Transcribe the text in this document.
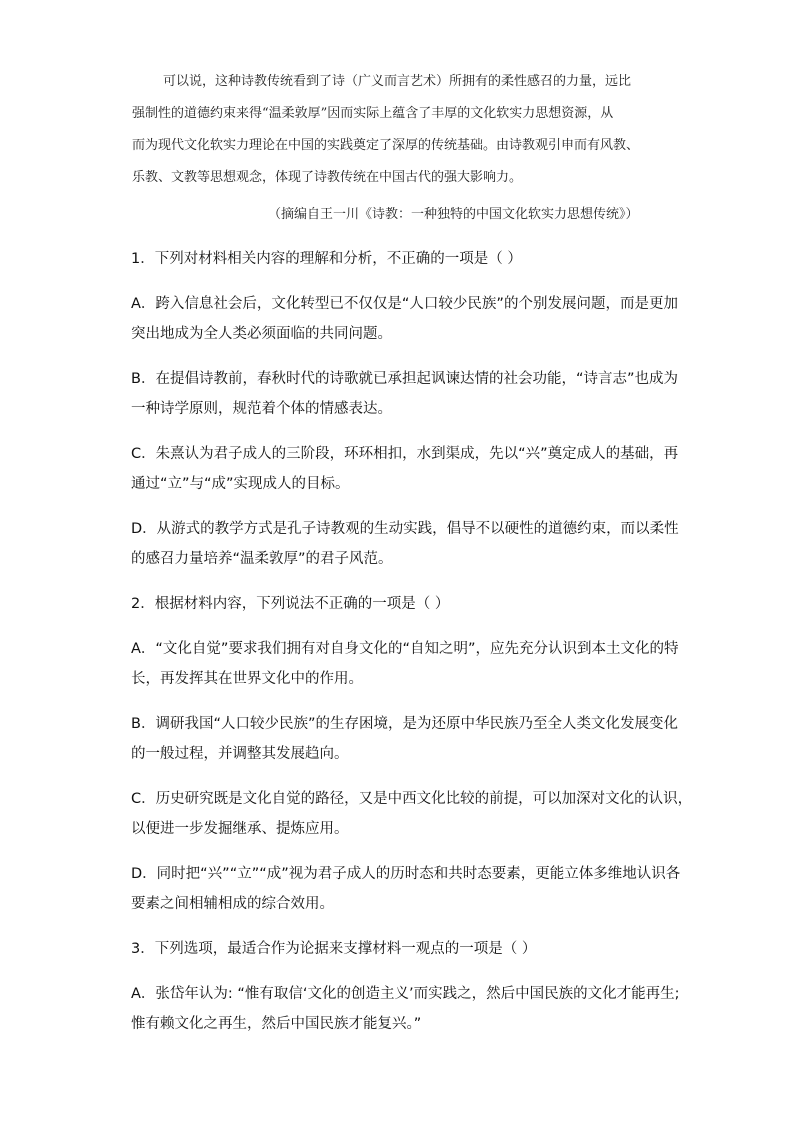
可以说，这种诗教传统看到了诗（广义而言艺术）所拥有的柔性感召的力量，远比
强制性的道德约束来得“温柔敦厚”因而实际上蕴含了丰厚的文化软实力思想资源，从
而为现代文化软实力理论在中国的实践奠定了深厚的传统基础。由诗教观引申而有风教、
乐教、文教等思想观念，体现了诗教传统在中国古代的强大影响力。
（摘编自王一川《诗教：一种独特的中国文化软实力思想传统》）
1．下列对材料相关内容的理解和分析，不正确的一项是（ ）
A．跨入信息社会后，文化转型已不仅仅是“人口较少民族”的个别发展问题，而是更加
突出地成为全人类必须面临的共同问题。
B．在提倡诗教前，春秋时代的诗歌就已承担起讽谏达情的社会功能，“诗言志”也成为
一种诗学原则，规范着个体的情感表达。
C．朱熹认为君子成人的三阶段，环环相扣，水到渠成，先以“兴”奠定成人的基础，再
通过“立”与“成”实现成人的目标。
D．从游式的教学方式是孔子诗教观的生动实践，倡导不以硬性的道德约束，而以柔性
的感召力量培养“温柔敦厚”的君子风范。
2．根据材料内容，下列说法不正确的一项是（ ）
A．“文化自觉”要求我们拥有对自身文化的“自知之明”，应先充分认识到本土文化的特
长，再发挥其在世界文化中的作用。
B．调研我国“人口较少民族”的生存困境，是为还原中华民族乃至全人类文化发展变化
的一般过程，并调整其发展趋向。
C．历史研究既是文化自觉的路径，又是中西文化比较的前提，可以加深对文化的认识，
以便进一步发掘继承、提炼应用。
D．同时把“兴”“立”“成”视为君子成人的历时态和共时态要素，更能立体多维地认识各
要素之间相辅相成的综合效用。
3．下列选项，最适合作为论据来支撑材料一观点的一项是（ ）
A．张岱年认为: “惟有取信‘文化的创造主义’而实践之，然后中国民族的文化才能再生;
惟有赖文化之再生，然后中国民族才能复兴。”
